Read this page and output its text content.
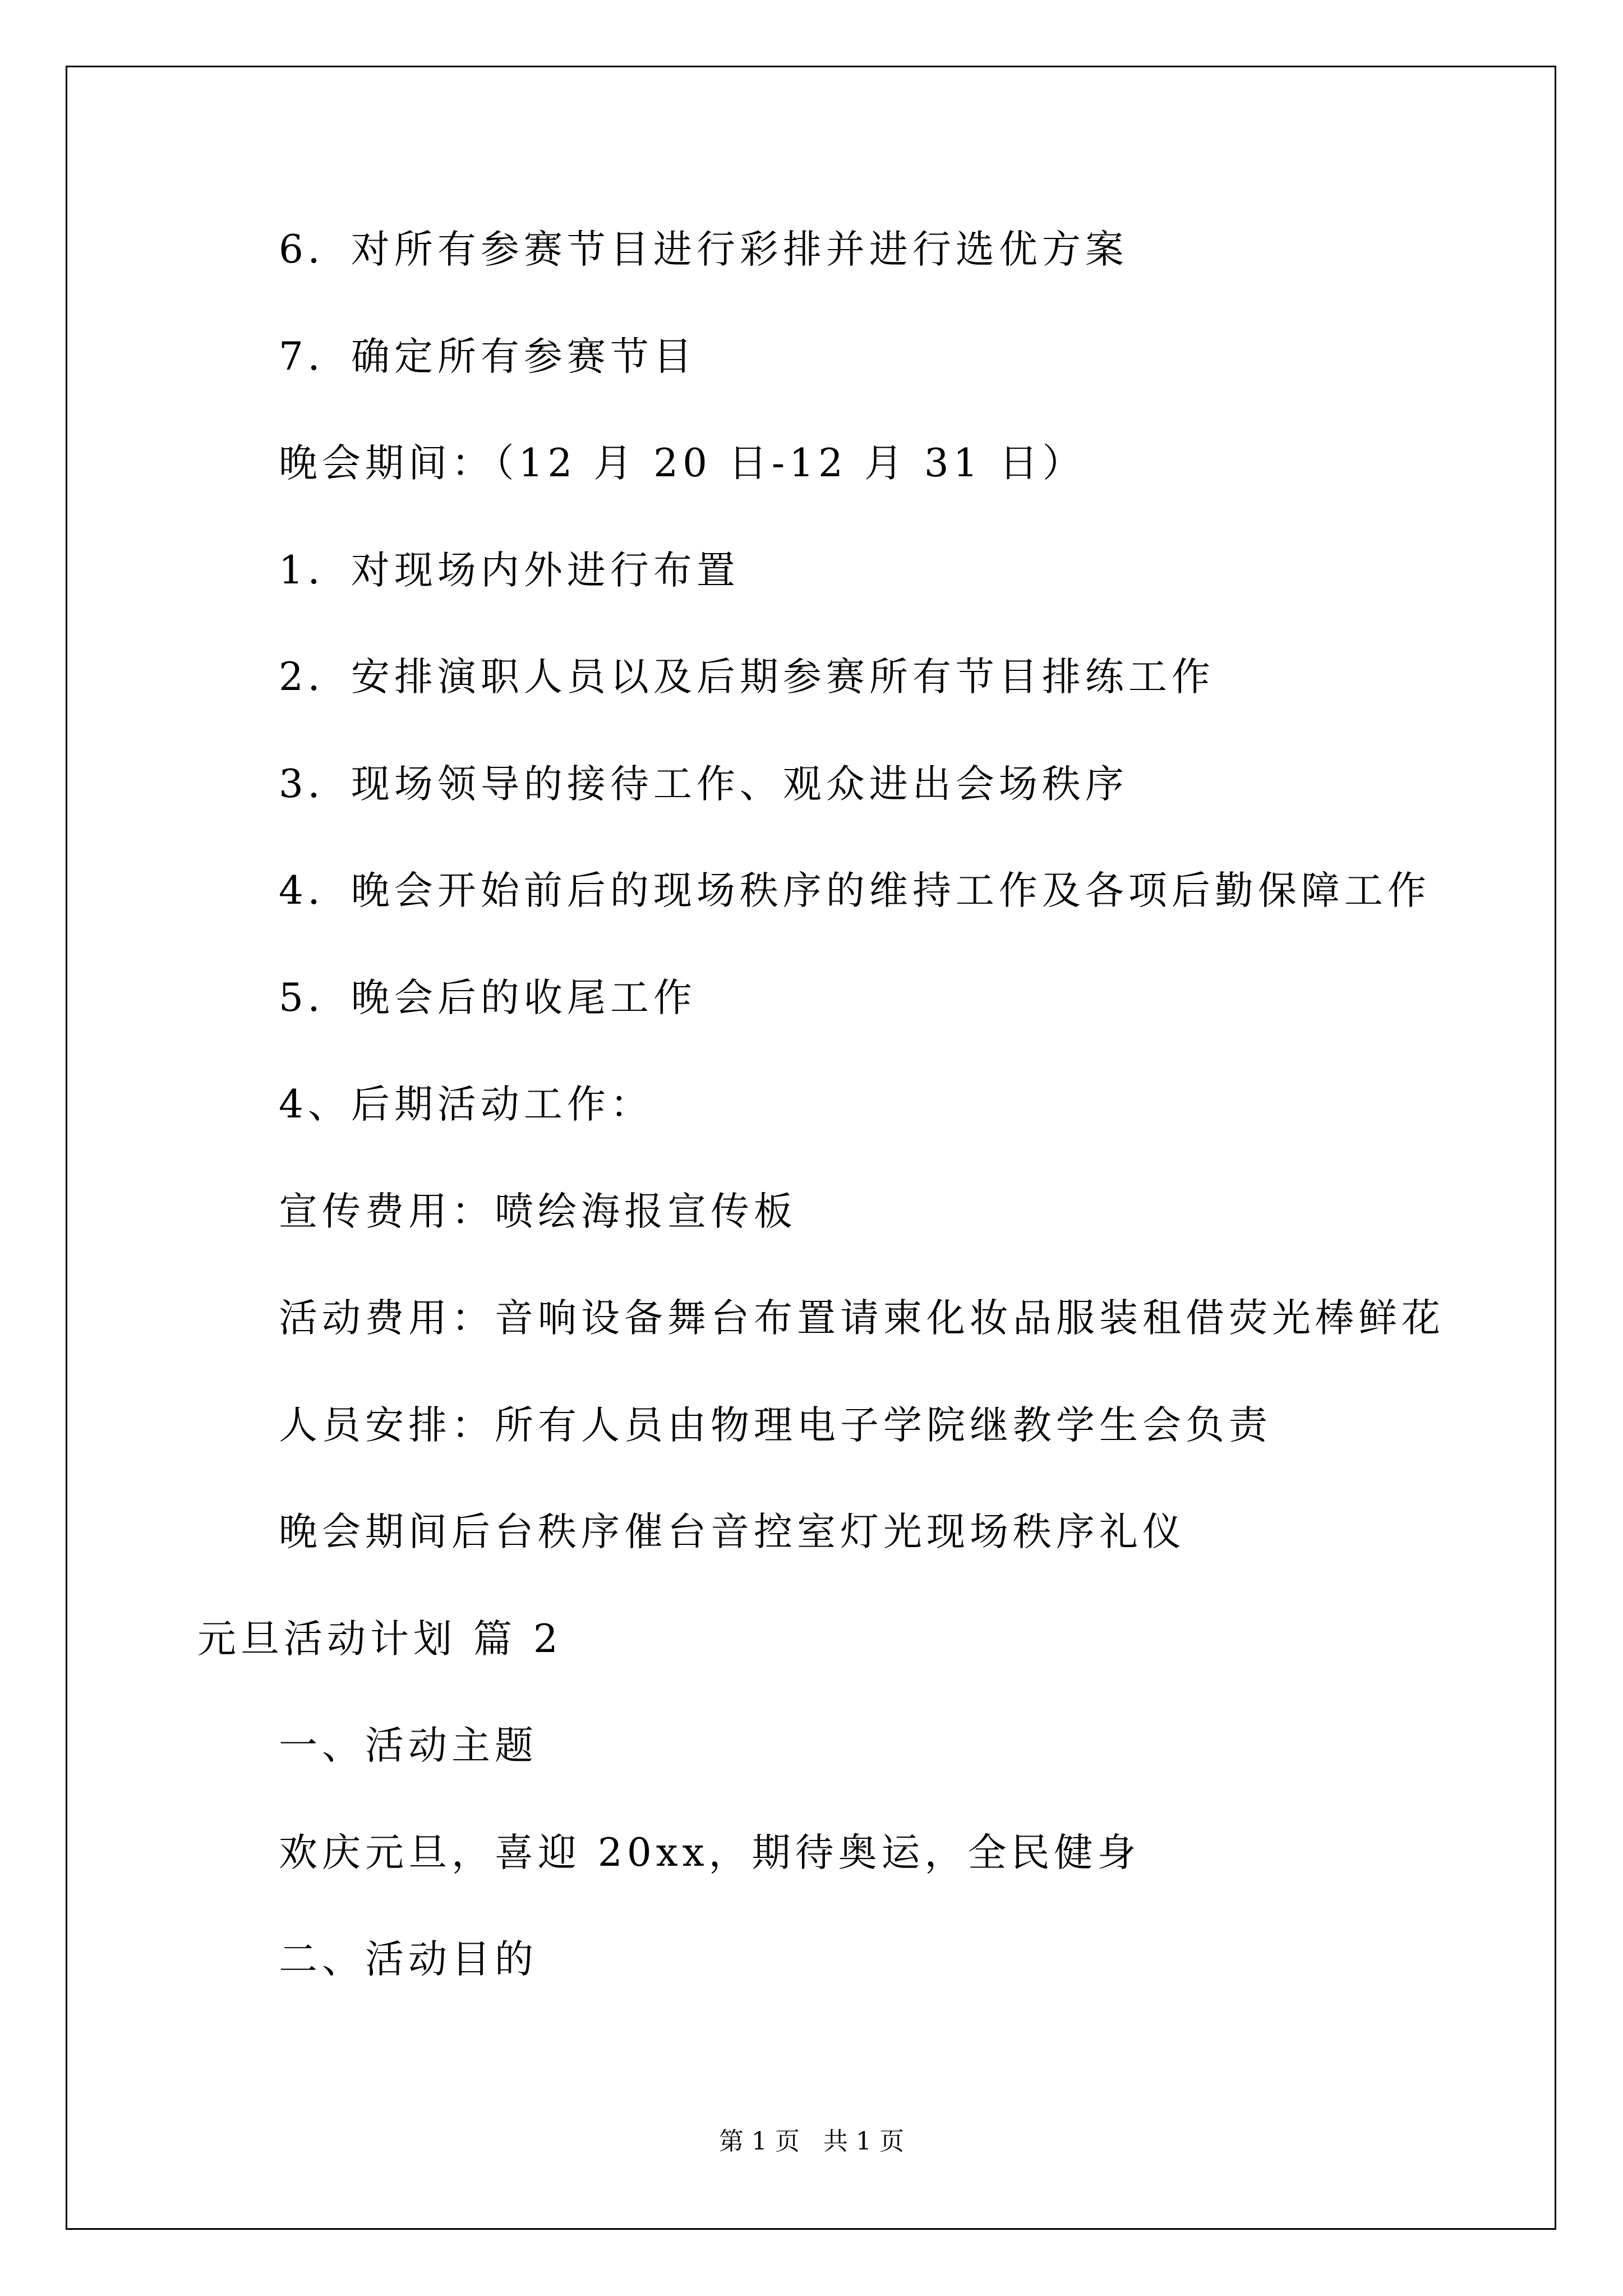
6．对所有参赛节目进行彩排并进行选优方案
7．确定所有参赛节目
晚会期间：（12 月 20 日-12 月 31 日）
1．对现场内外进行布置
2．安排演职人员以及后期参赛所有节目排练工作
3．现场领导的接待工作、观众进出会场秩序
4．晚会开始前后的现场秩序的维持工作及各项后勤保障工作
5．晚会后的收尾工作
4、后期活动工作：
宣传费用：喷绘海报宣传板
活动费用：音响设备舞台布置请柬化妆品服装租借荧光棒鲜花
人员安排：所有人员由物理电子学院继教学生会负责
晚会期间后台秩序催台音控室灯光现场秩序礼仪
元旦活动计划 篇 2
一、活动主题
欢庆元旦，喜迎 20xx，期待奥运，全民健身
二、活动目的
第 1 页   共 1 页
